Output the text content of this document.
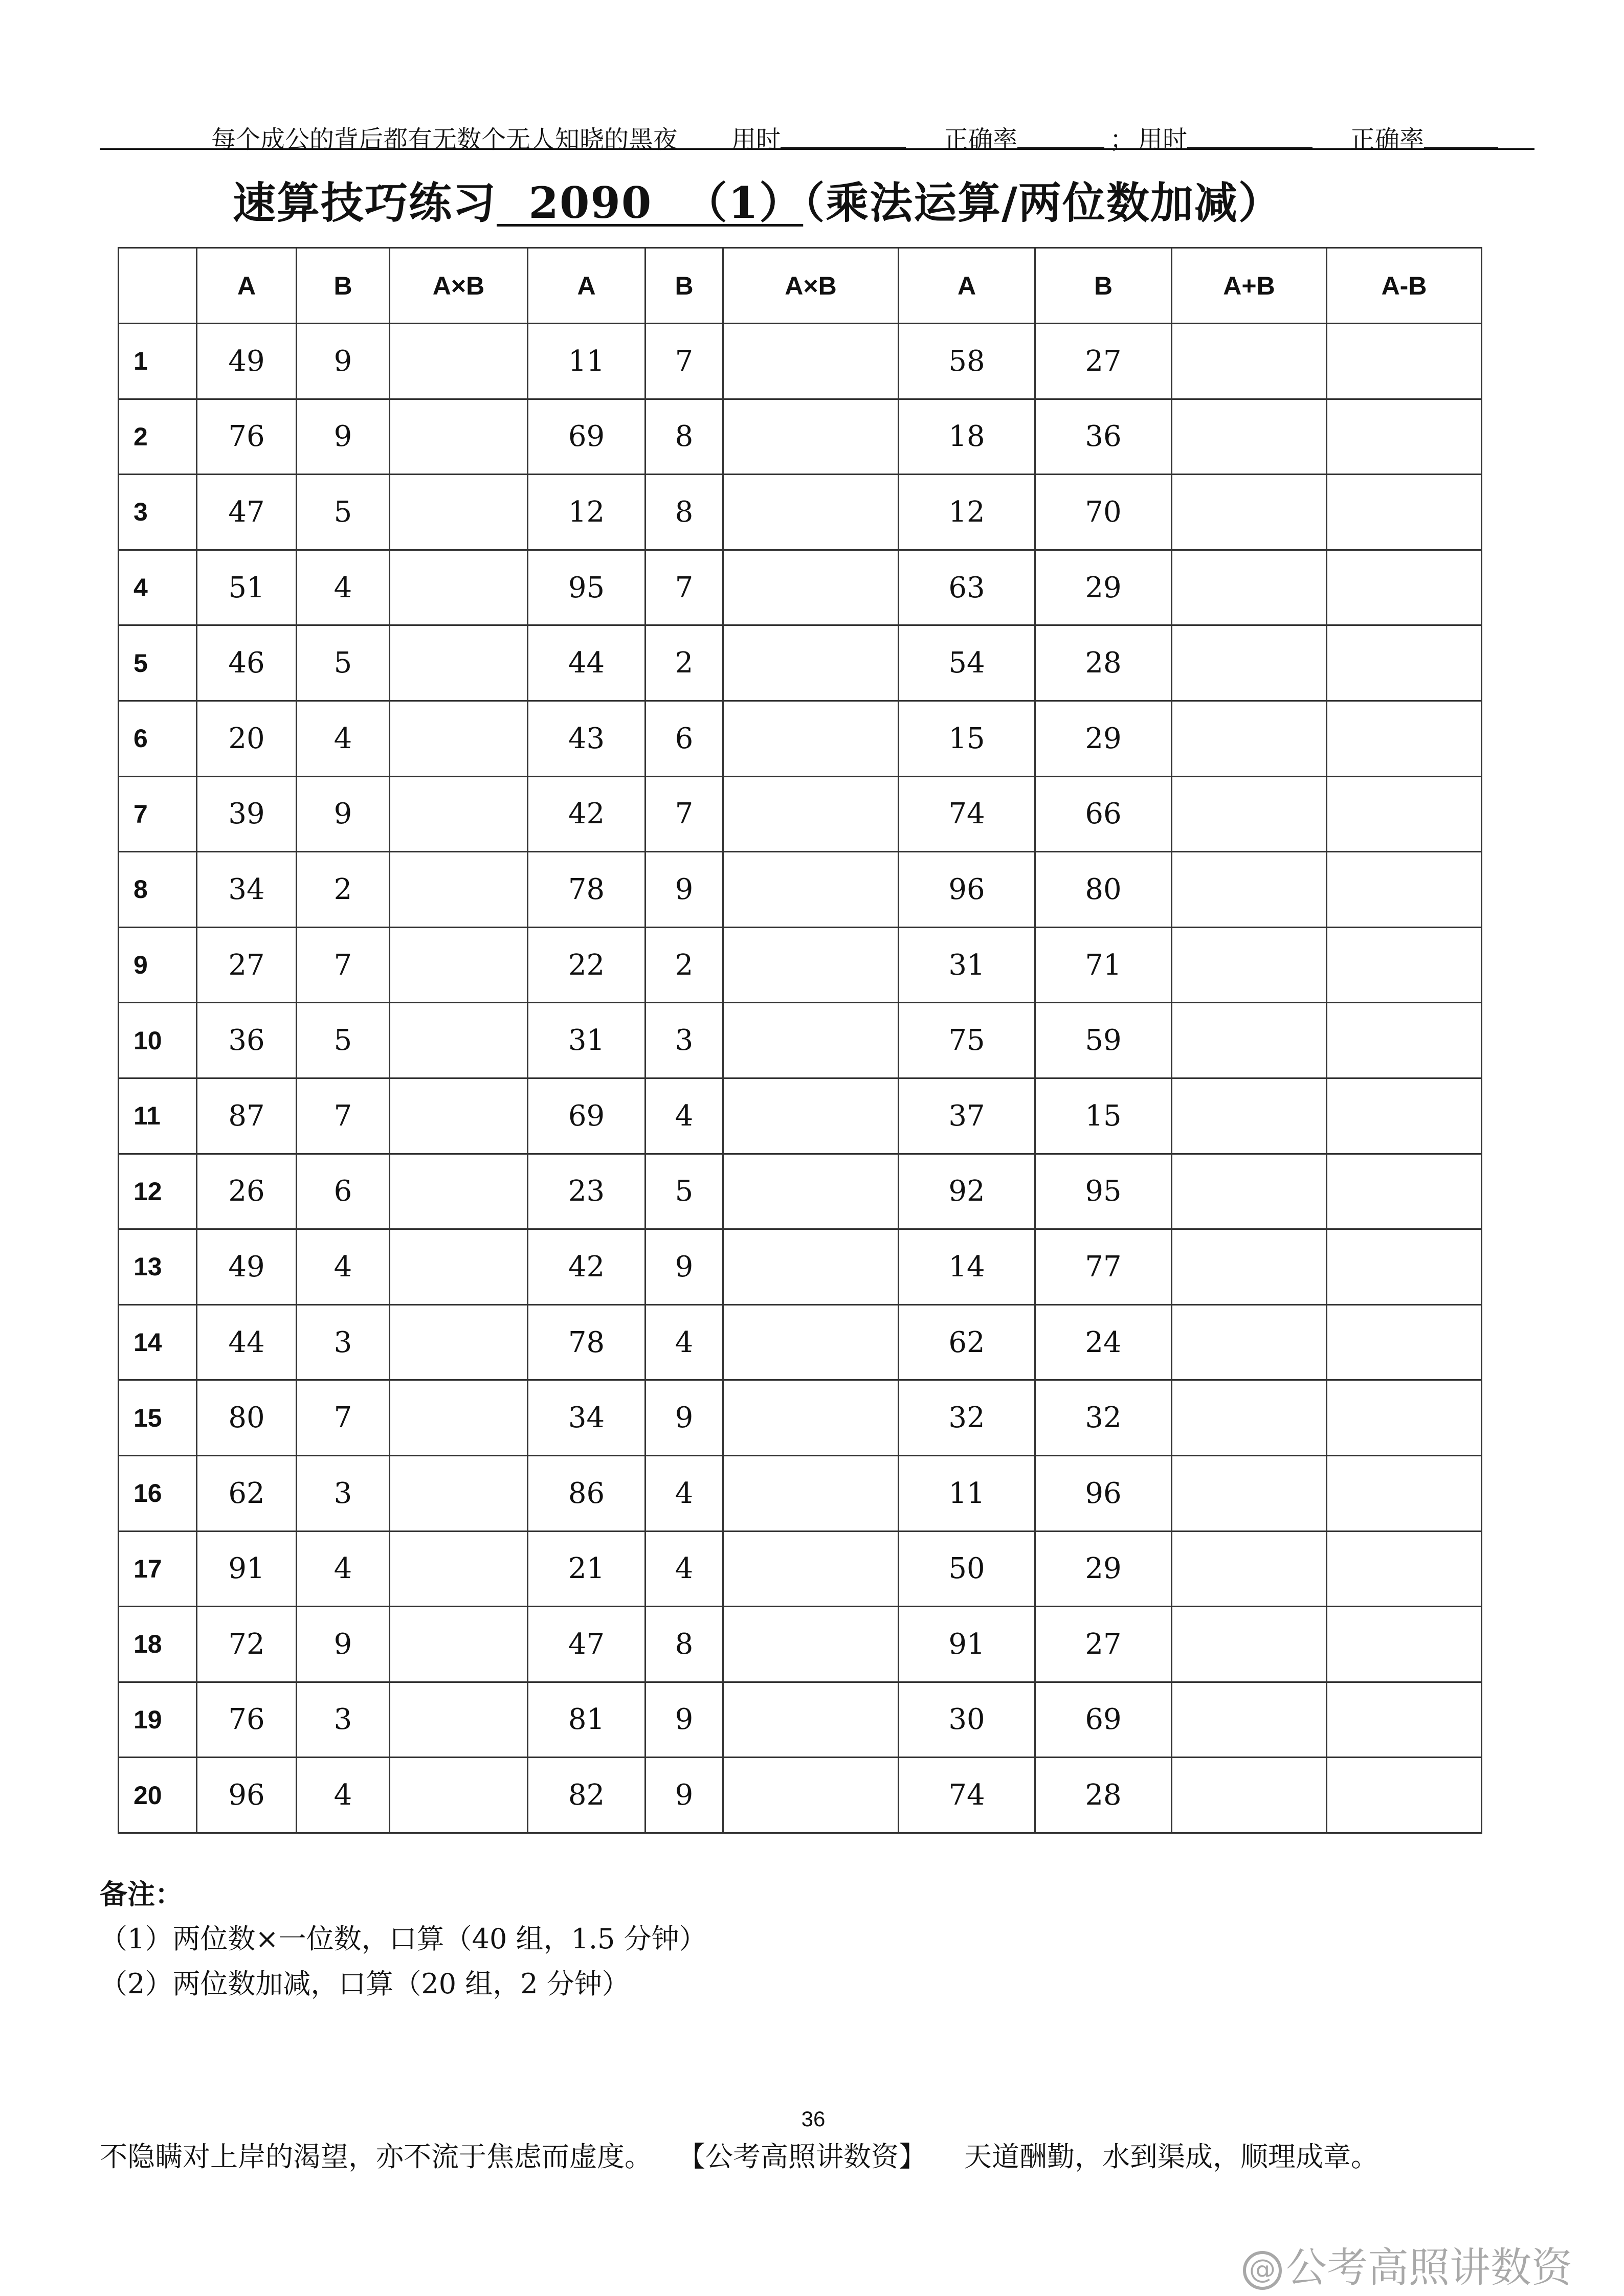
每个成公的背后都有无数个无人知晓的黑夜 用时	正确率	； 用时	正确率
速算技巧练习  2090  （1）（乘法运算/两位数加减）
	A	B	A×B	A	B	A×B	A	B	A+B	A-B
1	49	9		11	7		58	27		
2	76	9		69	8		18	36		
3	47	5		12	8		12	70		
4	51	4		95	7		63	29		
5	46	5		44	2		54	28		
6	20	4		43	6		15	29		
7	39	9		42	7		74	66		
8	34	2		78	9		96	80		
9	27	7		22	2		31	71		
10	36	5		31	3		75	59		
11	87	7		69	4		37	15		
12	26	6		23	5		92	95		
13	49	4		42	9		14	77		
14	44	3		78	4		62	24		
15	80	7		34	9		32	32		
16	62	3		86	4		11	96		
17	91	4		21	4		50	29		
18	72	9		47	8		91	27		
19	76	3		81	9		30	69		
20	96	4		82	9		74	28		
备注：
（1）两位数×一位数，口算（40 组，1.5 分钟）
（2）两位数加减，口算（20 组，2 分钟）
36
不隐瞒对上岸的渴望，亦不流于焦虑而虚度。 【公考高照讲数资】 天道酬勤，水到渠成，顺理成章。
@ 公考高照讲数资
